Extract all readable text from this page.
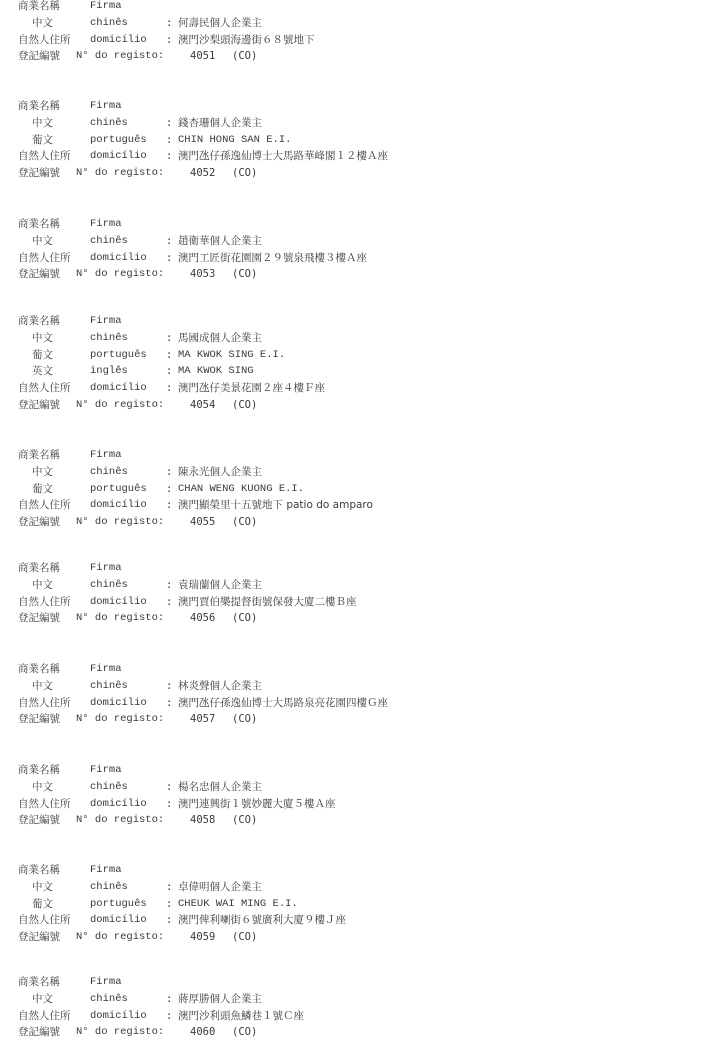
商業名稱	Firma
中文	chinês	: 何壽民個人企業主
自然人住所 domicílio : 澳門沙梨頭海邊街６８號地下
登記編號 N° do registo: 4051 (CO)
商業名稱	Firma
中文	chinês	: 錢杏珊個人企業主
葡文	português : CHIN HONG SAN E.I.
自然人住所 domicílio : 澳門氹仔孫逸仙博士大馬路華峰閣１２樓Ａ座
登記編號 N° do registo: 4052 (CO)
商業名稱	Firma
中文	chinês	: 趙衛華個人企業主
自然人住所 domicílio : 澳門工匠街花園園２９號泉飛樓３樓Ａ座
登記編號 N° do registo: 4053 (CO)
商業名稱	Firma
中文	chinês	: 馬國成個人企業主
葡文	português : MA KWOK SING E.I.
英文	inglês	: MA KWOK SING
自然人住所 domicílio : 澳門氹仔美景花園２座４樓Ｆ座
登記編號 N° do registo: 4054 (CO)
商業名稱	Firma
中文	chinês	: 陳永光個人企業主
葡文	português : CHAN WENG KUONG E.I.
自然人住所 domicílio : 澳門顯榮里十五號地下 patio do amparo
登記編號 N° do registo: 4055 (CO)
商業名稱	Firma
中文	chinês	: 袁瑞蘭個人企業主
自然人住所 domicílio : 澳門賈伯樂提督街號保發大廈二樓Ｂ座
登記編號 N° do registo: 4056 (CO)
商業名稱	Firma
中文	chinês	: 林炎聲個人企業主
自然人住所 domicílio : 澳門氹仔孫逸仙博士大馬路泉亮花園四樓Ｇ座
登記編號 N° do registo: 4057 (CO)
商業名稱	Firma
中文	chinês	: 楊名忠個人企業主
自然人住所 domicílio : 澳門連興街１號妙麗大廈５樓Ａ座
登記編號 N° do registo: 4058 (CO)
商業名稱	Firma
中文	chinês	: 卓偉明個人企業主
葡文	português : CHEUK WAI MING E.I.
自然人住所 domicílio : 澳門俾利喇街６號廣利大廈９樓Ｊ座
登記編號 N° do registo: 4059 (CO)
商業名稱	Firma
中文	chinês	: 蔣厚勝個人企業主
自然人住所 domicílio : 澳門沙利頭魚鱗巷１號Ｃ座
登記編號 N° do registo: 4060 (CO)
